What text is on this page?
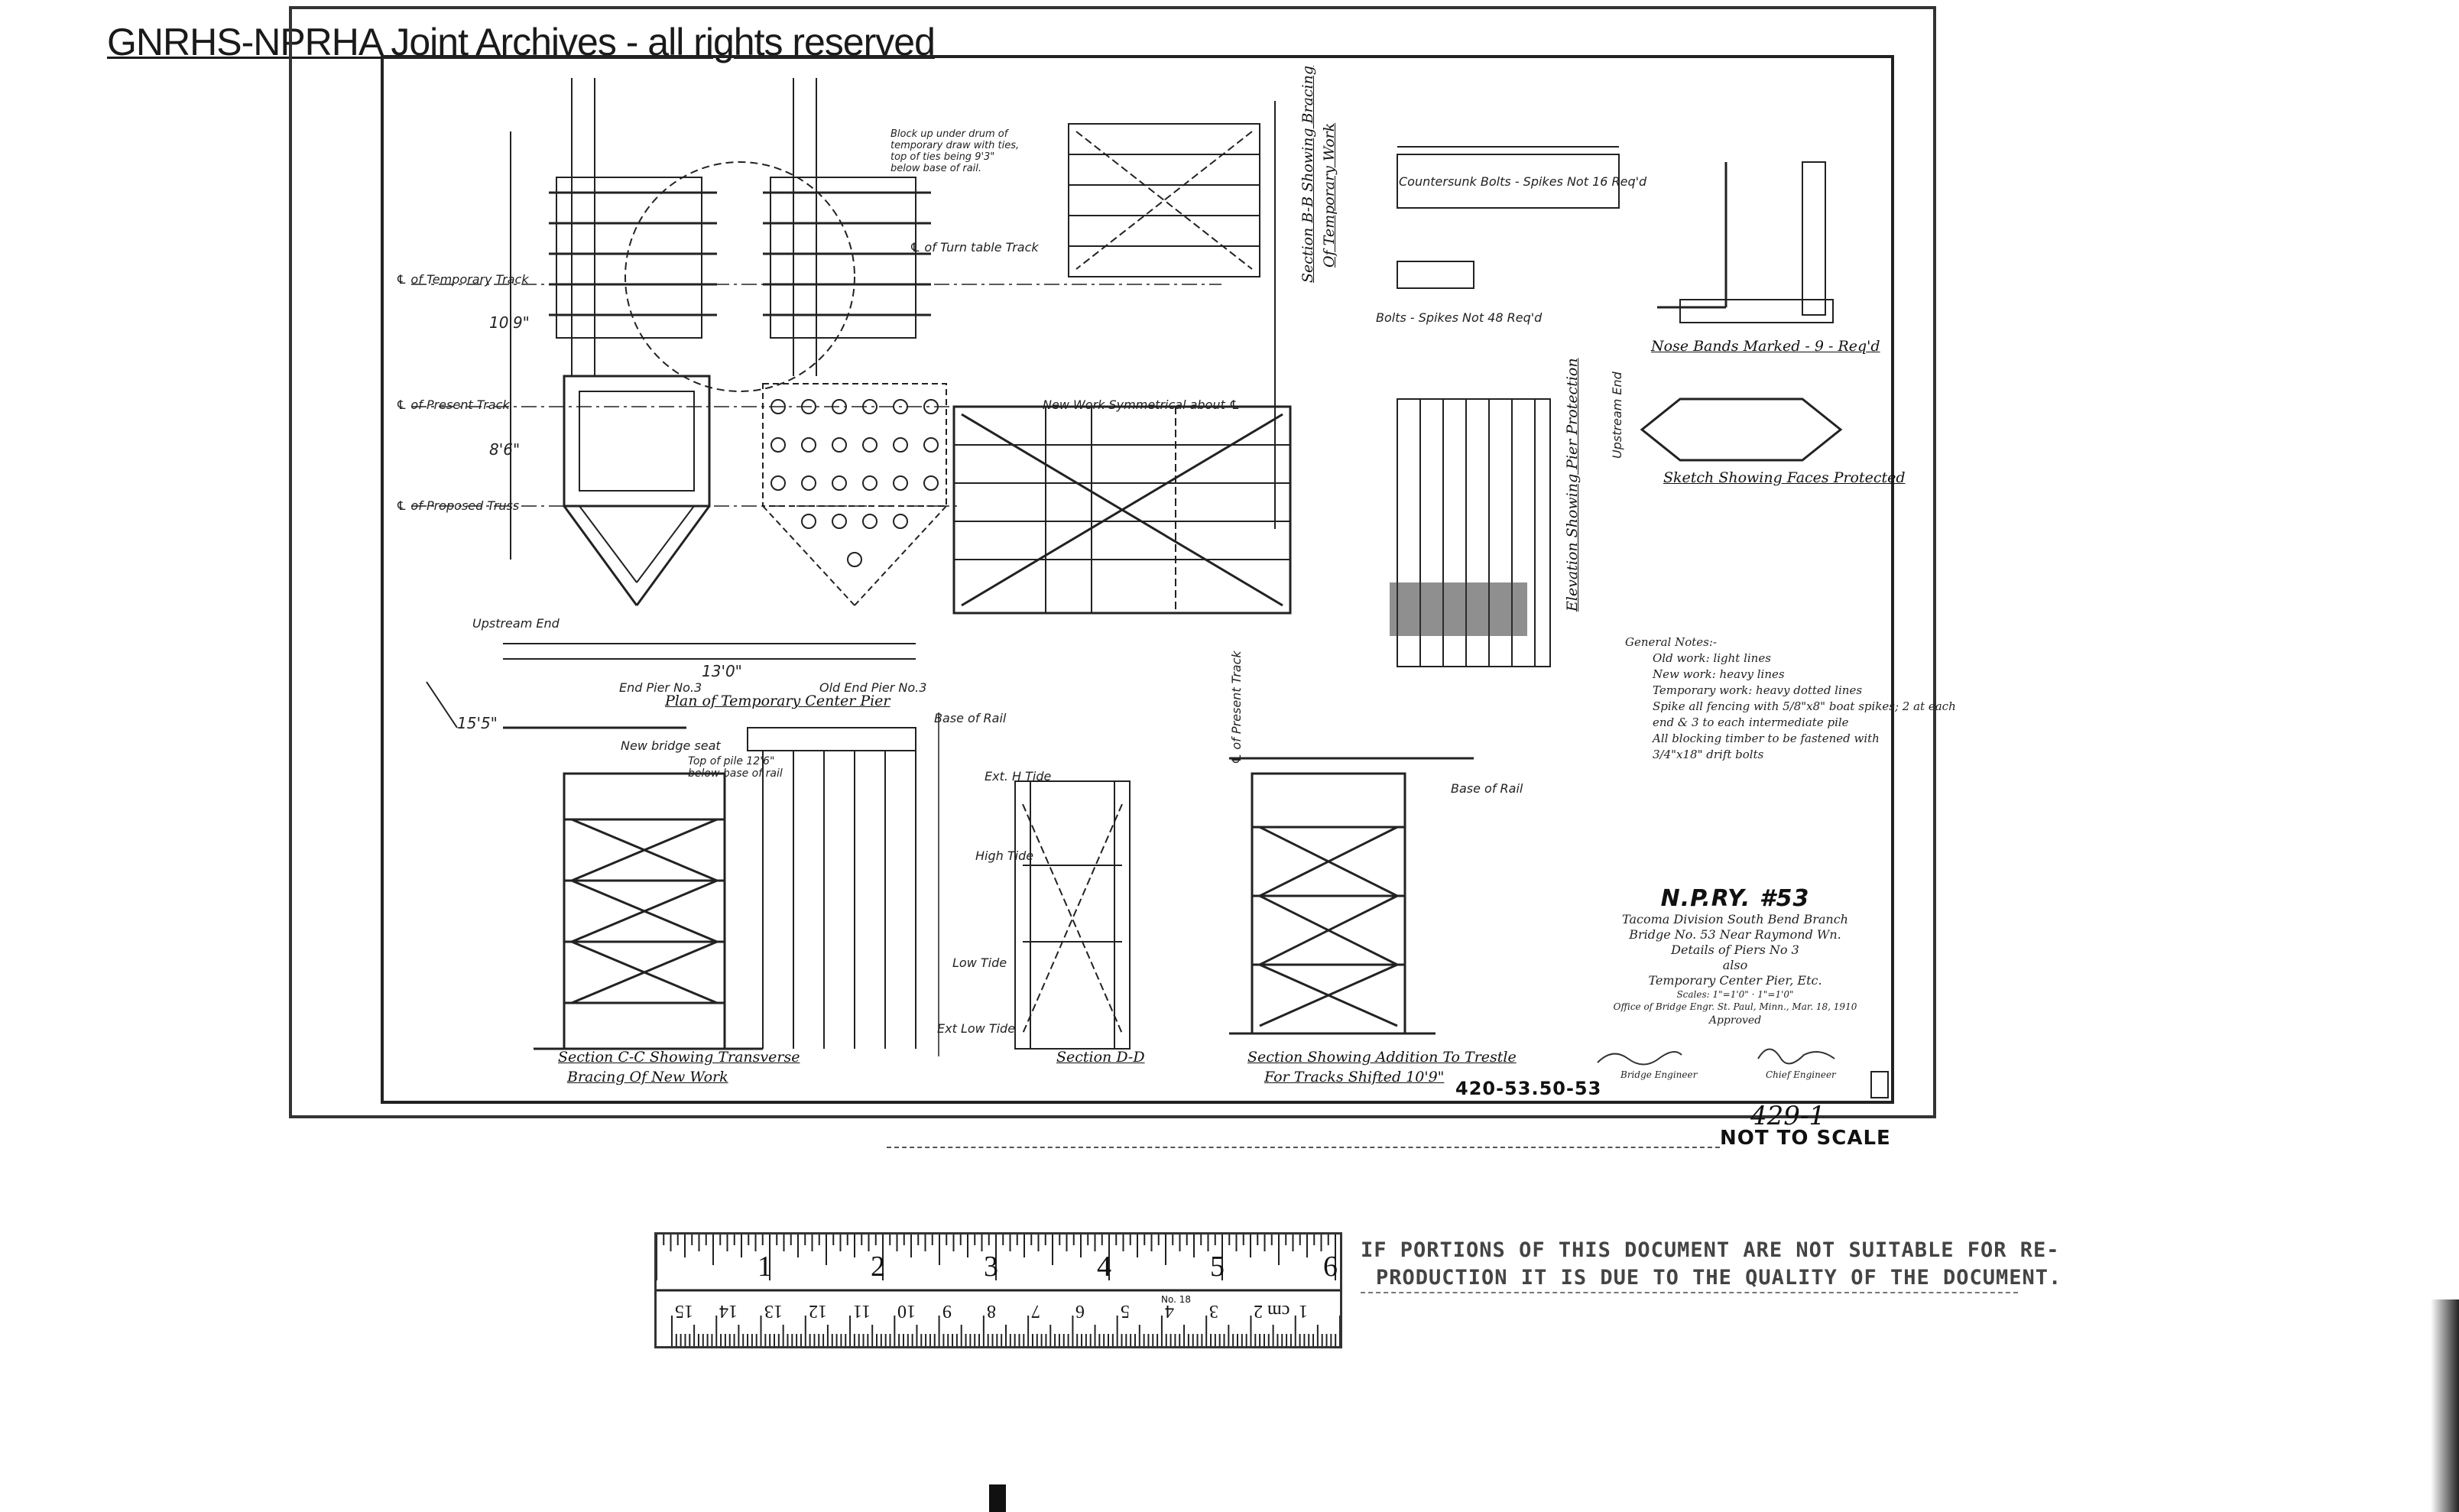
GNRHS-NPRHA Joint Archives - all rights reserved
℄ of Temporary Track
℄ of Present Track
℄ of Proposed Truss
℄ of Turn table Track
Block up under drum of temporary draw with ties, top of ties being 9'3" below base of rail.
Upstream End
End Pier No.3	Old End Pier No.3
New bridge seat
Top of pile 12'6" below base of rail
Base of Rail
Base of Rail
Ext. H Tide
High Tide
Low Tide
Ext Low Tide
New Work Symmetrical about ℄
Countersunk Bolts - Spikes Not 16 Req'd
Bolts - Spikes Not 48 Req'd
℄ of Present Track
10'9"
8'6"
13'0"
15'5"
Plan of Temporary Center Pier
Section C-C Showing Transverse
Bracing Of New Work
Section D-D	Section Showing Addition To Trestle
For Tracks Shifted 10'9"
Section B-B Showing Bracing Of Temporary Work
Elevation Showing Pier Protection Upstream End
Nose Bands Marked - 9 - Req'd
Sketch Showing Faces Protected
General Notes:-
Old work: light lines
New work: heavy lines
Temporary work: heavy dotted lines
Spike all fencing with 5/8"x8" boat spikes; 2 at each
end & 3 to each intermediate pile
All blocking timber to be fastened with
3/4"x18" drift bolts
N.P.RY. #53
Tacoma Division South Bend Branch
Bridge No. 53 Near Raymond Wn.
Details of Piers No 3
also
Temporary Center Pier, Etc.
Scales: 1"=1'0" · 1"=1'0"
Office of Bridge Engr. St. Paul, Minn., Mar. 18, 1910
Approved
Bridge Engineer	Chief Engineer
420-53.50-53
429-1
NOT TO SCALE
1	2	3	4	5	6
No. 18
15 14 13 12 11 10 9 8 7 6 5 4 3 cm 2 1
IF PORTIONS OF THIS DOCUMENT ARE NOT SUITABLE FOR RE-
PRODUCTION IT IS DUE TO THE QUALITY OF THE DOCUMENT.
